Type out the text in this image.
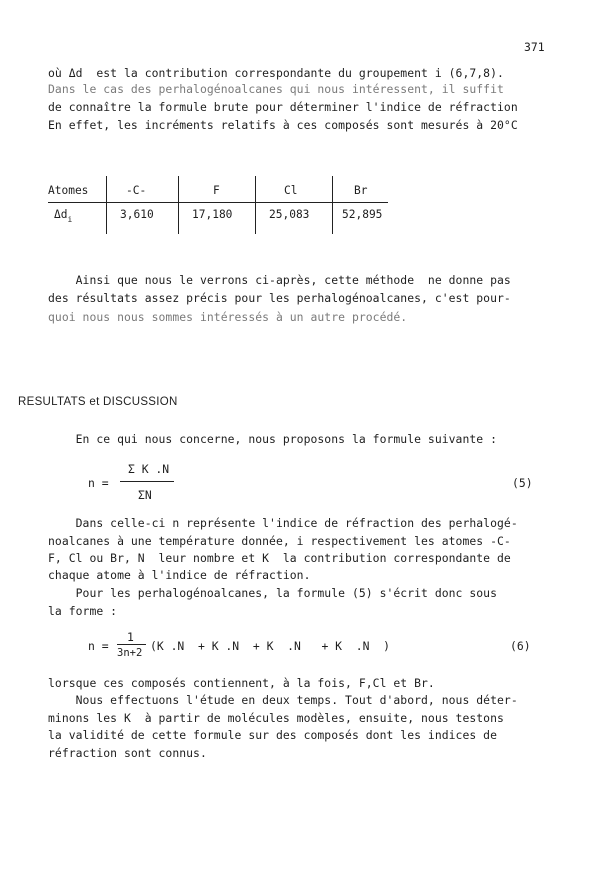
371
où Δd  est la contribution correspondante du groupement i (6,7,8).
Dans le cas des perhalogénoalcanes qui nous intéressent, il suffit
de connaître la formule brute pour déterminer l'indice de réfraction
En effet, les incréments relatifs à ces composés sont mesurés à 20°C
Atomes	-C-	F	Cl	Br
$\Delta d_i$	3,610	17,180	25,083	52,895
Ainsi que nous le verrons ci-après, cette méthode  ne donne pas
des résultats assez précis pour les perhalogénoalcanes, c'est pour-
quoi nous nous sommes intéressés à un autre procédé.
RESULTATS et DISCUSSION
En ce qui nous concerne, nous proposons la formule suivante :
n =
Σ K .N
ΣN
(5)
Dans celle-ci n représente l'indice de réfraction des perhalogé-
noalcanes à une température donnée, i respectivement les atomes -C-
F, Cl ou Br, N  leur nombre et K  la contribution correspondante de
chaque atome à l'indice de réfraction.
Pour les perhalogénoalcanes, la formule (5) s'écrit donc sous
la forme :
n =
1
3n+2 (K .N  + K .N  + K  .N   + K  .N  )	(6)
lorsque ces composés contiennent, à la fois, F,Cl et Br.
Nous effectuons l'étude en deux temps. Tout d'abord, nous déter-
minons les K  à partir de molécules modèles, ensuite, nous testons
la validité de cette formule sur des composés dont les indices de
réfraction sont connus.
